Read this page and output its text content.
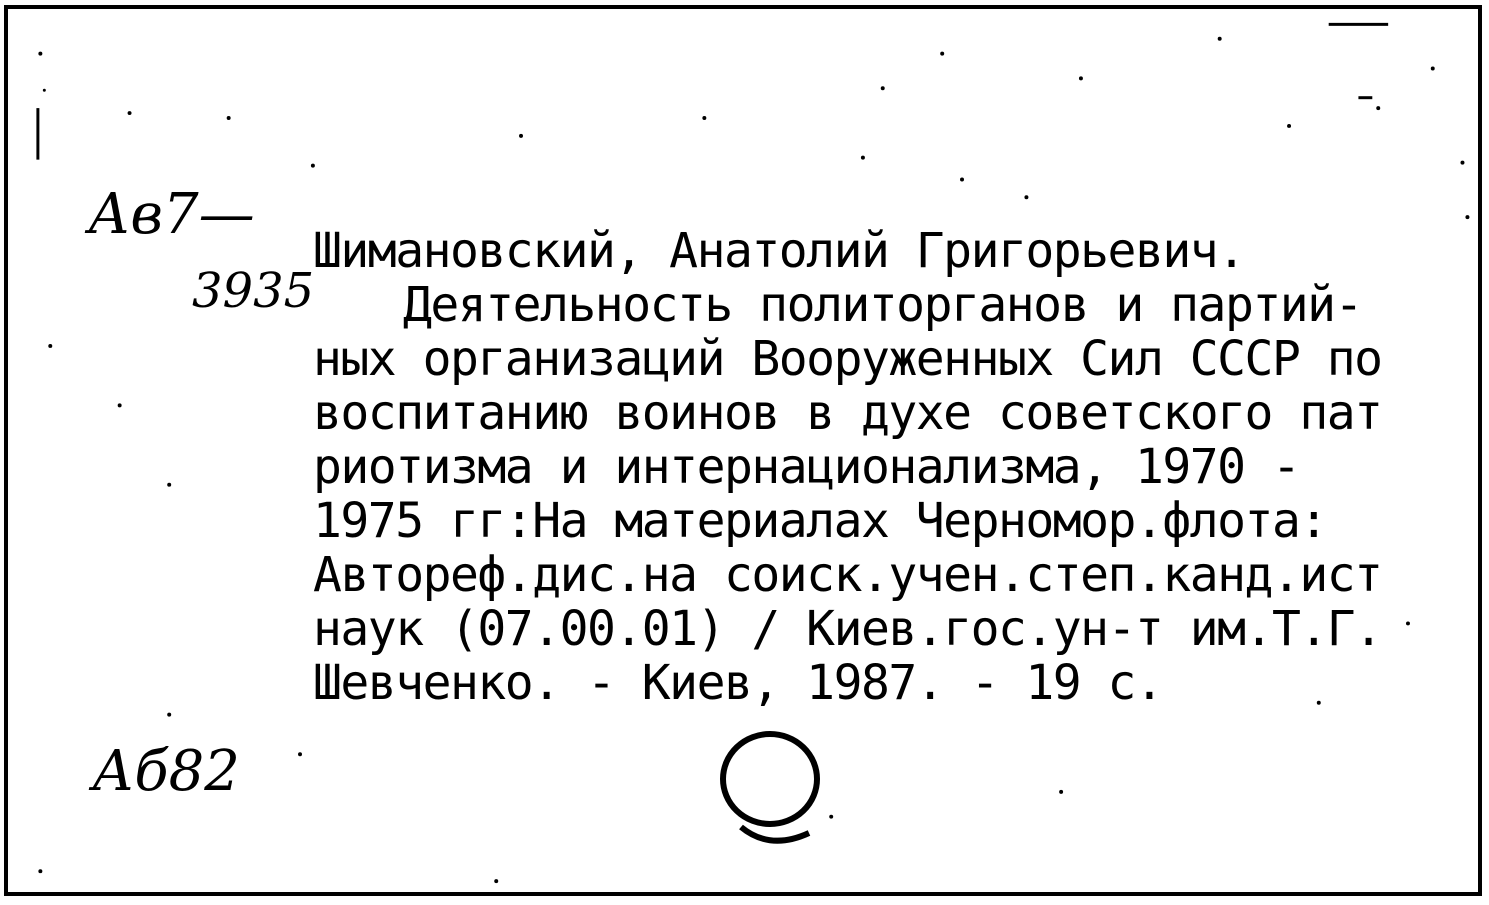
Ав7—
3935
Аб82
Шимановский, Анатолий Григорьевич.
Деятельность политорганов и партий-
ных организаций Вооруженных Сил СССР по
воспитанию воинов в духе советского пат
риотизма и интернационализма, 1970 -
1975 гг:На материалах Черномор.флота:
Автореф.дис.на соиск.учен.степ.канд.ист
наук (07.00.01) / Киев.гос.ун-т им.Т.Г.
Шевченко. - Киев, 1987. - 19 с.
